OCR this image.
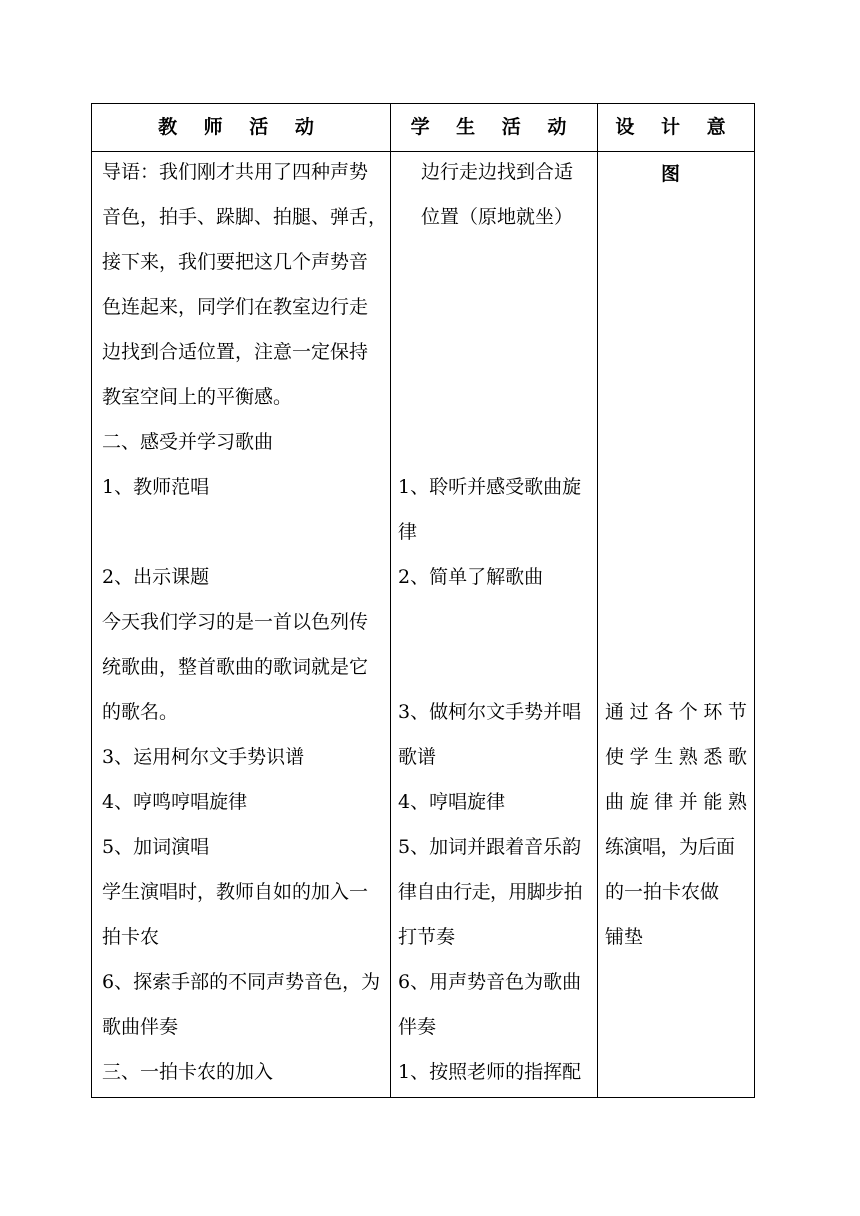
教 师 活 动	学 生 活 动	设 计 意 图
导语：我们刚才共用了四种声势
音色，拍手、跺脚、拍腿、弹舌，
接下来，我们要把这几个声势音
色连起来，同学们在教室边行走
边找到合适位置，注意一定保持
教室空间上的平衡感。
二、感受并学习歌曲
1、教师范唱
2、出示课题
今天我们学习的是一首以色列传
统歌曲，整首歌曲的歌词就是它
的歌名。
3、运用柯尔文手势识谱
4、哼鸣哼唱旋律
5、加词演唱
学生演唱时，教师自如的加入一
拍卡农
6、探索手部的不同声势音色，为
歌曲伴奏
三、一拍卡农的加入
边行走边找到合适
位置（原地就坐）
1、聆听并感受歌曲旋
律
2、简单了解歌曲
3、做柯尔文手势并唱
歌谱
4、哼唱旋律
5、加词并跟着音乐韵
律自由行走，用脚步拍
打节奏
6、用声势音色为歌曲
伴奏
1、按照老师的指挥配
通 过 各 个 环 节
使 学 生 熟 悉 歌
曲 旋 律 并 能 熟
练演唱，为后面
的一拍卡农做
铺垫
